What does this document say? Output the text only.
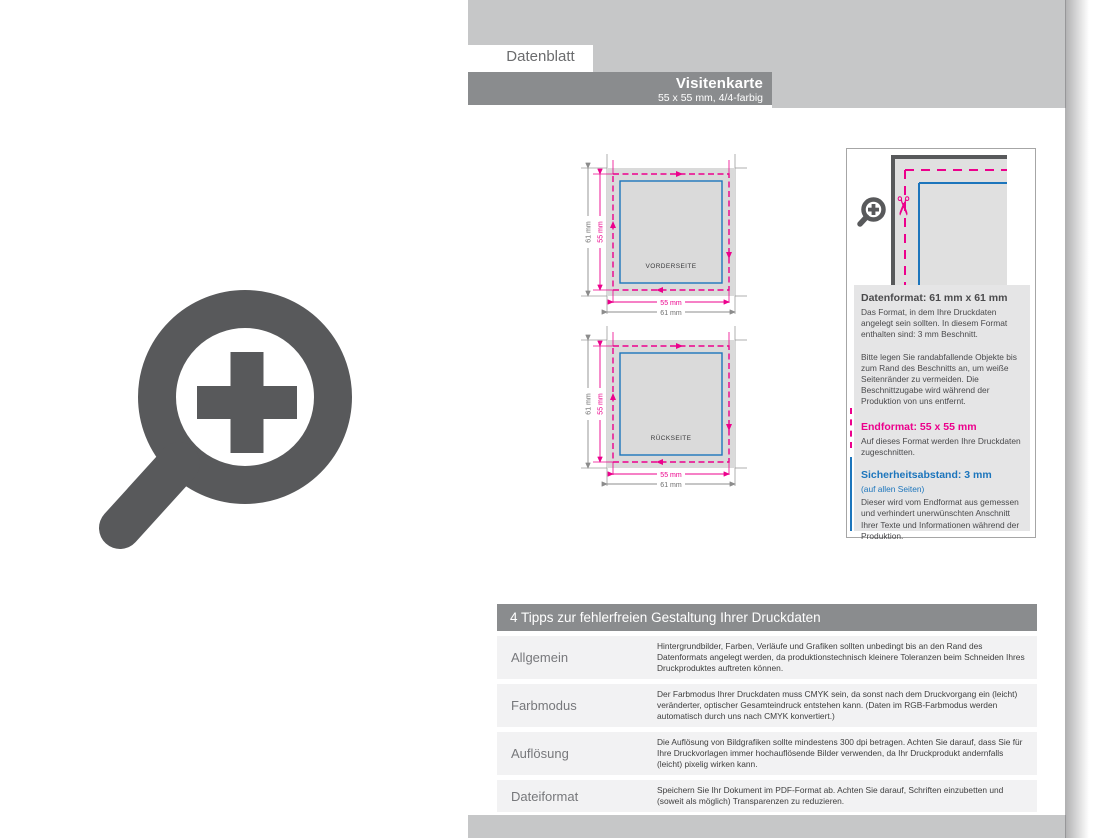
Datenblatt
Visitenkarte
55 x 55 mm, 4/4-farbig
VORDERSEITE
55 mm
61 mm
55 mm
61 mm
RÜCKSEITE
55 mm
61 mm
55 mm
61 mm
✂
Datenformat: 61 mm x 61 mm

Das Format, in dem Ihre Druckdaten angelegt sein sollten. In diesem Format enthalten sind: 3 mm Beschnitt.

Bitte legen Sie randabfallende Objekte bis zum Rand des Beschnitts an, um weiße Seitenränder zu vermeiden. Die Beschnittzugabe wird während der Produktion von uns entfernt.

Endformat: 55 x 55 mm

Auf dieses Format werden Ihre Druckdaten zugeschnitten.

Sicherheitsabstand: 3 mm

(auf allen Seiten)

Dieser wird vom Endformat aus gemessen und verhindert unerwünschten Anschnitt Ihrer Texte und Informationen während der Produktion.

4 Tipps zur fehlerfreien Gestaltung Ihrer Druckdaten
Allgemein
Hintergrundbilder, Farben, Verläufe und Grafiken sollten unbedingt bis an den Rand des Datenformats angelegt werden, da produktionstechnisch kleinere Toleranzen beim Schneiden Ihres Druckproduktes auftreten können.
Farbmodus
Der Farbmodus Ihrer Druckdaten muss CMYK sein, da sonst nach dem Druckvorgang ein (leicht) veränderter, optischer Gesamteindruck entstehen kann. (Daten im RGB-Farbmodus werden automatisch durch uns nach CMYK konvertiert.)
Auflösung
Die Auflösung von Bildgrafiken sollte mindestens 300 dpi betragen. Achten Sie darauf, dass Sie für Ihre Druckvorlagen immer hochauflösende Bilder verwenden, da Ihr Druckprodukt andernfalls (leicht) pixelig wirken kann.
Dateiformat	Speichern Sie Ihr Dokument im PDF-Format ab. Achten Sie darauf, Schriften einzubetten und (soweit als möglich) Transparenzen zu reduzieren.
